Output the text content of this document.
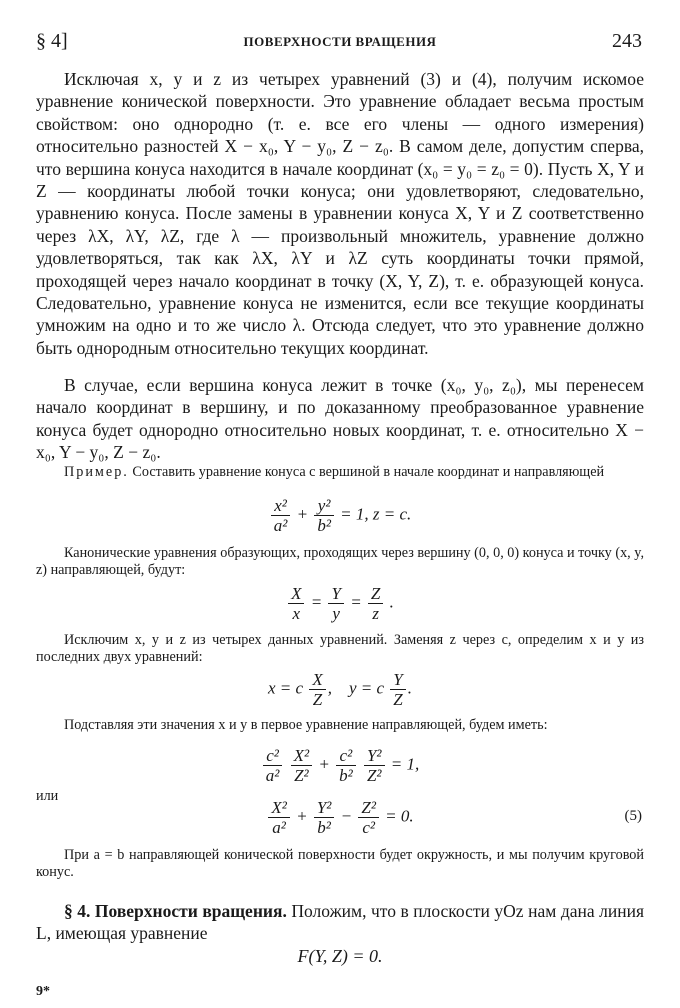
§ 4]	ПОВЕРХНОСТИ ВРАЩЕНИЯ	243

Исключая x, y и z из четырех уравнений (3) и (4), получим искомое уравнение конической поверхности. Это уравнение обладает весьма простым свойством: оно однородно (т. е. все его члены — одного измерения) относительно разностей X − x₀, Y − y₀, Z − z₀. В самом деле, допустим сперва, что вершина конуса находится в начале координат (x₀ = y₀ = z₀ = 0). Пусть X, Y и Z — координаты любой точки конуса; они удовлетворяют, следовательно, уравнению конуса. После замены в уравнении конуса X, Y и Z соответственно через λX, λY, λZ, где λ — произвольный множитель, уравнение должно удовлетворяться, так как λX, λY и λZ суть координаты точки прямой, проходящей через начало координат в точку (X, Y, Z), т. е. образующей конуса. Следовательно, уравнение конуса не изменится, если все текущие координаты умножим на одно и то же число λ. Отсюда следует, что это уравнение должно быть однородным относительно текущих координат.

В случае, если вершина конуса лежит в точке (x₀, y₀, z₀), мы перенесем начало координат в вершину, и по доказанному преобразованное уравнение конуса будет однородно относительно новых координат, т. е. относительно X − x₀, Y − y₀, Z − z₀.

Пример. Составить уравнение конуса с вершиной в начале координат и направляющей

$\frac{\text{x²}}{\text{a²}} + \frac{\text{y²}}{\text{b²}} = 1$, z = c.

Канонические уравнения образующих, проходящих через вершину (0, 0, 0) конуса и точку (x, y, z) направляющей, будут:

$\frac{X}{x} = \frac{Y}{y} = \frac{Z}{z}$ .

Исключим x, y и z из четырех данных уравнений. Заменяя z через c, определим x и y из последних двух уравнений:

x = c $\frac{X}{Z}$ , y = c $\frac{Y}{Z}$ .

Подставляя эти значения x и y в первое уравнение направляющей, будем иметь:

$\frac{\text{c²}}{\text{a²}}$
$\frac{\text{X²}}{\text{Z²}} + \frac{\text{c²}}{\text{b²}}$
$\frac{\text{Y²}}{\text{Z²}} = 1$,

или

$\frac{\text{X²}}{\text{a²}} + \frac{\text{Y²}}{\text{b²}} - \frac{\text{Z²}}{\text{c²}} = 0$.	(5)

При a = b направляющей конической поверхности будет окружность, и мы получим круговой конус.

§ 4. Поверхности вращения. Положим, что в плоскости yOz нам дана линия L, имеющая уравнение

F(Y, Z) = 0.
9*
